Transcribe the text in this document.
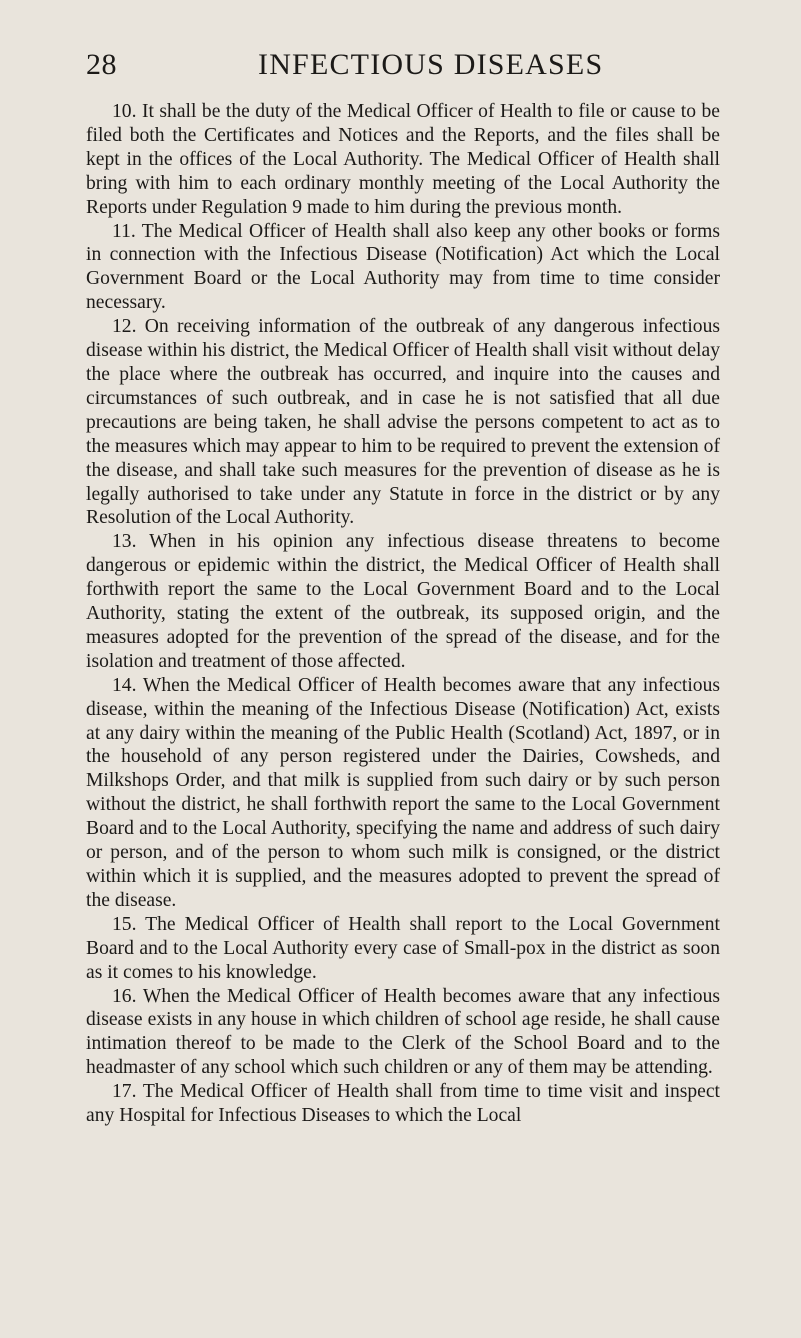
28	INFECTIOUS DISEASES

10. It shall be the duty of the Medical Officer of Health to file or cause to be filed both the Certificates and Notices and the Reports, and the files shall be kept in the offices of the Local Authority. The Medical Officer of Health shall bring with him to each ordinary monthly meeting of the Local Authority the Reports under Regulation 9 made to him during the previous month.

11. The Medical Officer of Health shall also keep any other books or forms in connection with the Infectious Disease (Notification) Act which the Local Government Board or the Local Authority may from time to time consider necessary.

12. On receiving information of the outbreak of any dangerous infectious disease within his district, the Medical Officer of Health shall visit without delay the place where the outbreak has occurred, and inquire into the causes and circumstances of such outbreak, and in case he is not satisfied that all due precautions are being taken, he shall advise the persons competent to act as to the measures which may appear to him to be required to prevent the extension of the disease, and shall take such measures for the prevention of disease as he is legally authorised to take under any Statute in force in the district or by any Resolution of the Local Authority.

13. When in his opinion any infectious disease threatens to become dangerous or epidemic within the district, the Medical Officer of Health shall forthwith report the same to the Local Government Board and to the Local Authority, stating the extent of the outbreak, its supposed origin, and the measures adopted for the prevention of the spread of the disease, and for the isolation and treatment of those affected.

14. When the Medical Officer of Health becomes aware that any infectious disease, within the meaning of the Infectious Disease (Notification) Act, exists at any dairy within the meaning of the Public Health (Scotland) Act, 1897, or in the household of any person registered under the Dairies, Cowsheds, and Milkshops Order, and that milk is supplied from such dairy or by such person without the district, he shall forthwith report the same to the Local Government Board and to the Local Authority, specifying the name and address of such dairy or person, and of the person to whom such milk is consigned, or the district within which it is supplied, and the measures adopted to prevent the spread of the disease.

15. The Medical Officer of Health shall report to the Local Government Board and to the Local Authority every case of Small-pox in the district as soon as it comes to his knowledge.

16. When the Medical Officer of Health becomes aware that any infectious disease exists in any house in which children of school age reside, he shall cause intimation thereof to be made to the Clerk of the School Board and to the headmaster of any school which such children or any of them may be attending.

17. The Medical Officer of Health shall from time to time visit and inspect any Hospital for Infectious Diseases to which the Local
